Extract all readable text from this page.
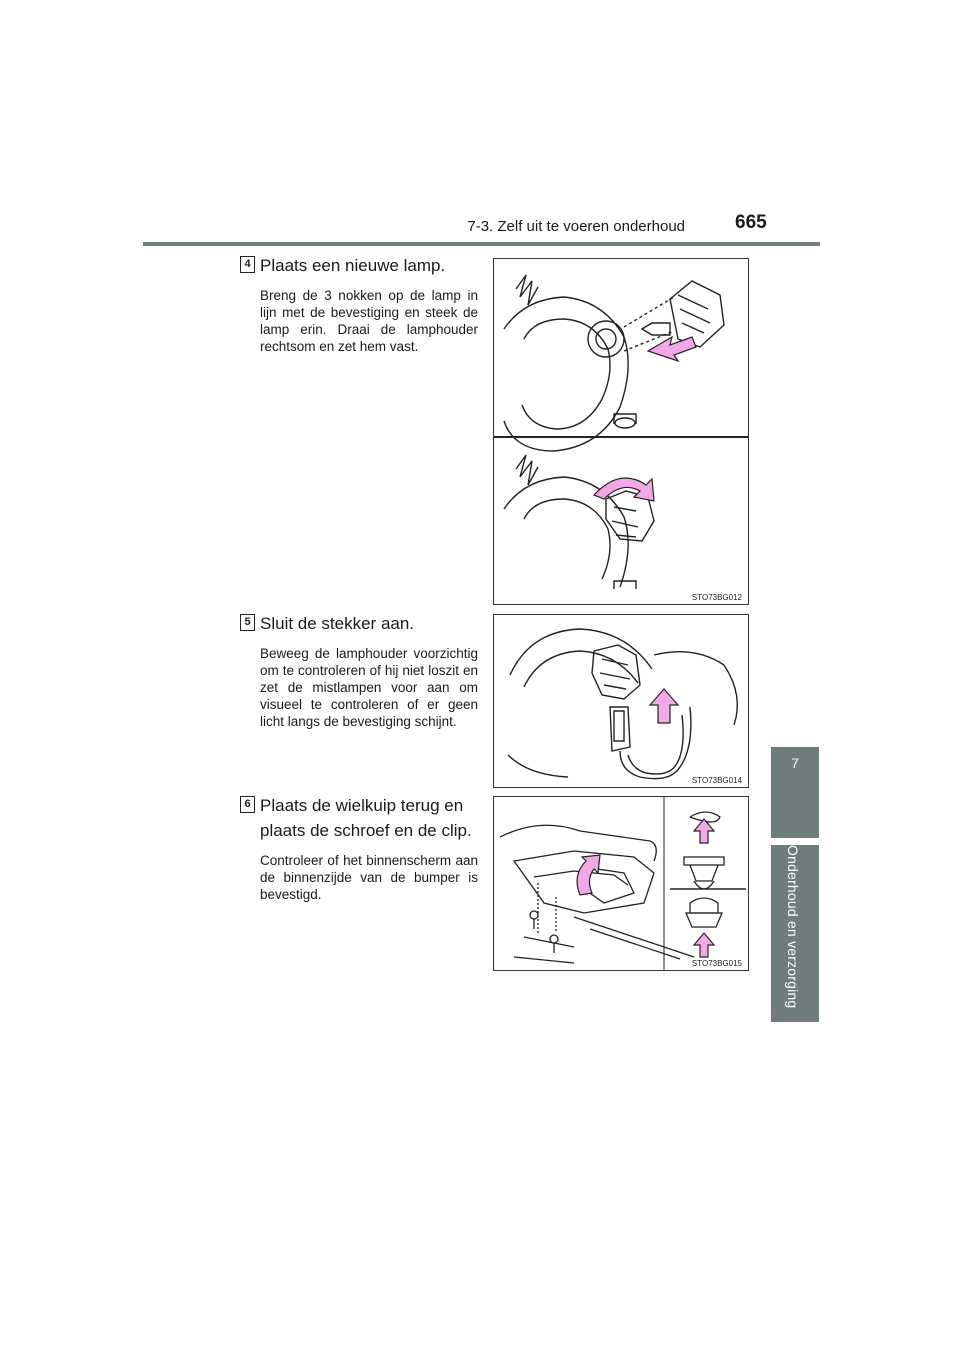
7-3. Zelf uit te voeren onderhoud	665
7
Onderhoud en verzorging
4 Plaats een nieuwe lamp.
Breng de 3 nokken op de lamp in lijn met de bevestiging en steek de lamp erin. Draai de lamphouder rechtsom en zet hem vast.
STO73BG012
5 Sluit de stekker aan.
Beweeg de lamphouder voorzichtig om te controleren of hij niet loszit en zet de mistlampen voor aan om visueel te controleren of er geen licht langs de bevestiging schijnt.
STO73BG014
6 Plaats de wielkuip terug en plaats de schroef en de clip.
Controleer of het binnenscherm aan de binnenzijde van de bumper is bevestigd.
STO73BG015
